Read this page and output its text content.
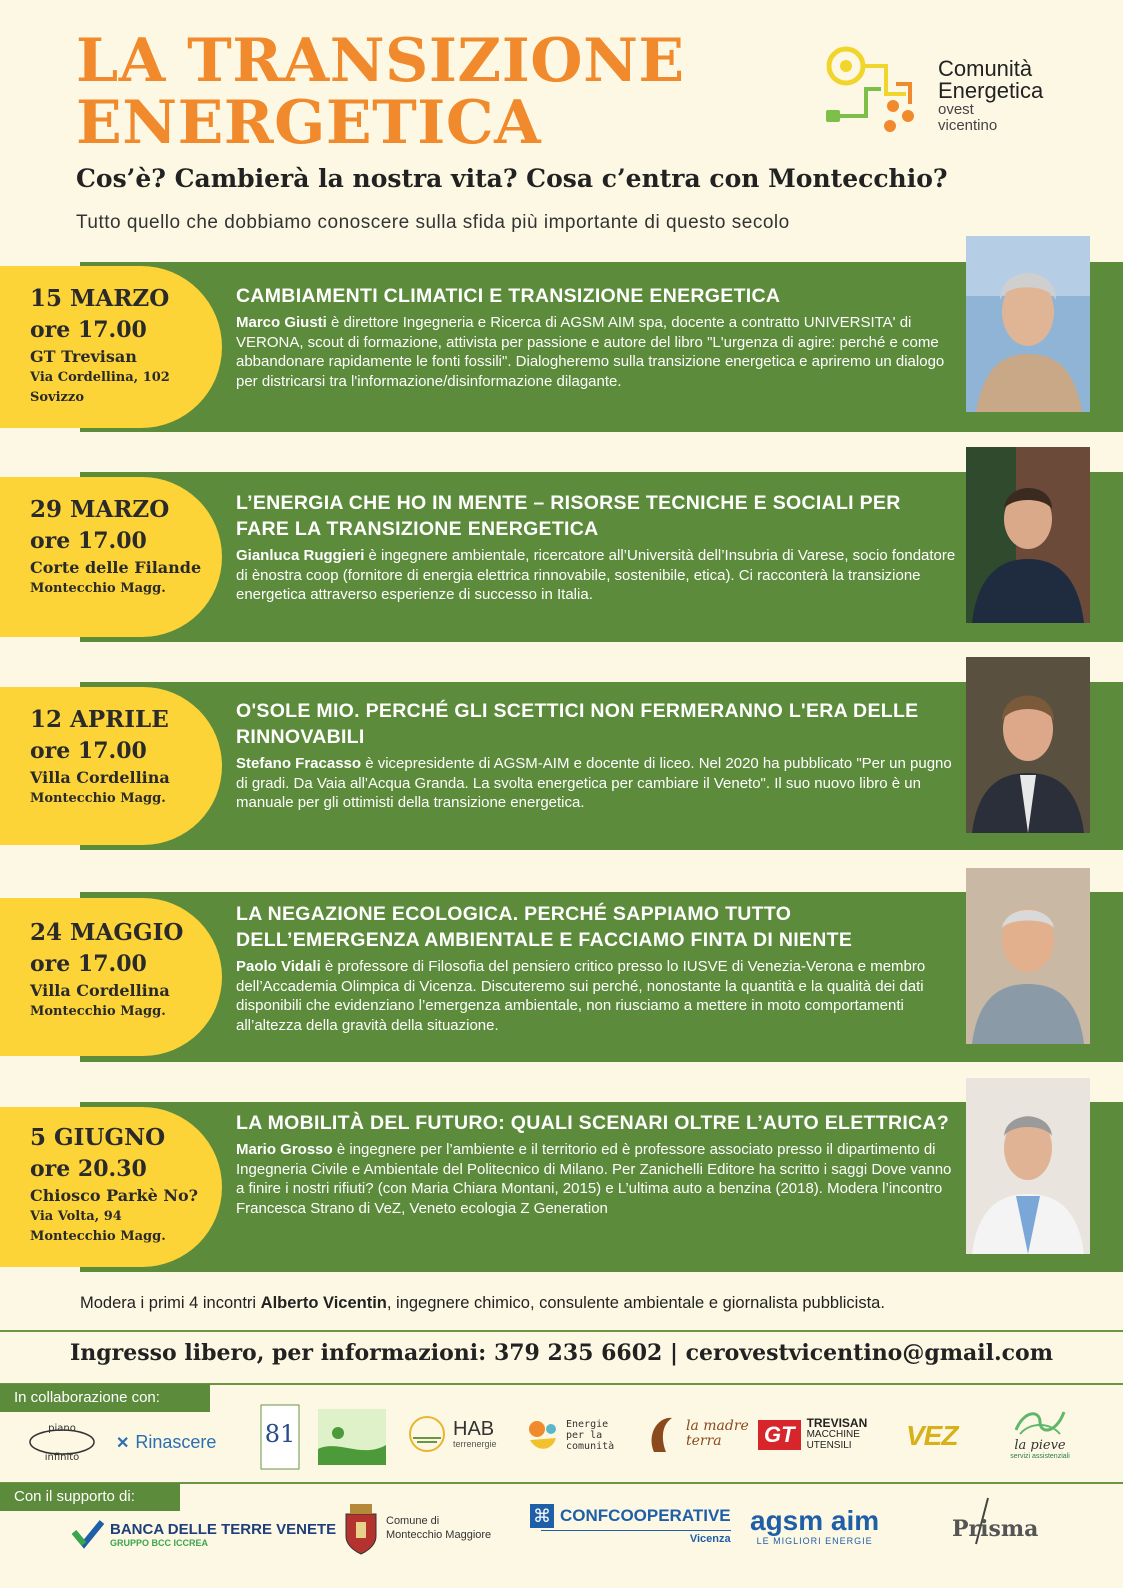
LA TRANSIZIONE
ENERGETICA
Cos’è? Cambierà la nostra vita? Cosa c’entra con Montecchio?
Tutto quello che dobbiamo conoscere sulla sfida più importante di questo secolo
Comunità
Energetica
ovest
vicentino
15 MARZO
ore 17.00
GT Trevisan
Via Cordellina, 102
Sovizzo

CAMBIAMENTI CLIMATICI E TRANSIZIONE ENERGETICA

Marco Giusti è direttore Ingegneria e Ricerca di AGSM AIM spa, docente a contratto UNIVERSITA' di VERONA, scout di formazione, attivista per passione e autore del libro "L'urgenza di agire: perché e come abbandonare rapidamente le fonti fossili". Dialogheremo sulla transizione energetica e apriremo un dialogo per districarsi tra l'informazione/disinformazione dilagante.

29 MARZO
ore 17.00
Corte delle Filande
Montecchio Magg.

L’ENERGIA CHE HO IN MENTE – RISORSE TECNICHE E SOCIALI PER FARE LA TRANSIZIONE ENERGETICA

Gianluca Ruggieri è ingegnere ambientale, ricercatore all’Università dell’Insubria di Varese, socio fondatore di ènostra coop (fornitore di energia elettrica rinnovabile, sostenibile, etica). Ci racconterà la transizione energetica attraverso esperienze di successo in Italia.

12 APRILE
ore 17.00
Villa Cordellina
Montecchio Magg.

O'SOLE MIO. PERCHÉ GLI SCETTICI NON FERMERANNO L'ERA DELLE RINNOVABILI

Stefano Fracasso è vicepresidente di AGSM-AIM e docente di liceo. Nel 2020 ha pubblicato "Per un pugno di gradi. Da Vaia all'Acqua Granda. La svolta energetica per cambiare il Veneto". Il suo nuovo libro è un manuale per gli ottimisti della transizione energetica.

24 MAGGIO
ore 17.00
Villa Cordellina
Montecchio Magg.

LA NEGAZIONE ECOLOGICA. PERCHÉ SAPPIAMO TUTTO DELL’EMERGENZA AMBIENTALE E FACCIAMO FINTA DI NIENTE

Paolo Vidali è professore di Filosofia del pensiero critico presso lo IUSVE di Venezia-Verona e membro dell’Accademia Olimpica di Vicenza. Discuteremo sui perché, nonostante la quantità e la qualità dei dati disponibili che evidenziano l’emergenza ambientale, non riusciamo a mettere in moto comportamenti all’altezza della gravità della situazione.

5 GIUGNO
ore 20.30
Chiosco Parkè No?
Via Volta, 94
Montecchio Magg.

LA MOBILITÀ DEL FUTURO: QUALI SCENARI OLTRE L’AUTO ELETTRICA?

Mario Grosso è ingegnere per l’ambiente e il territorio ed è professore associato presso il dipartimento di Ingegneria Civile e Ambientale del Politecnico di Milano. Per Zanichelli Editore ha scritto i saggi Dove vanno a finire i nostri rifiuti? (con Maria Chiara Montani, 2015) e L’ultima auto a benzina (2018). Modera l’incontro Francesca Strano di VeZ, Veneto ecologia Z Generation

Modera i primi 4 incontri Alberto Vicentin, ingegnere chimico, consulente ambientale e giornalista pubblicista.
Ingresso libero, per informazioni: 379 235 6602 | cerovestvicentino@gmail.com
In collaborazione con:
piano
infinito
✕ Rinascere 81	HAB
terrenergie
Energie
per la
comunità
la madre
terra	GT	TREVISAN
MACCHINE
UTENSILI	VEZ	la pieve
servizi assistenziali
Con il supporto di:
BANCA DELLE TERRE VENETE
GRUPPO BCC ICCREA
Comune di
Montecchio Maggiore
⌘ CONFCOOPERATIVE
Vicenza
agsm aim
LE MIGLIORI ENERGIE	Prisma
